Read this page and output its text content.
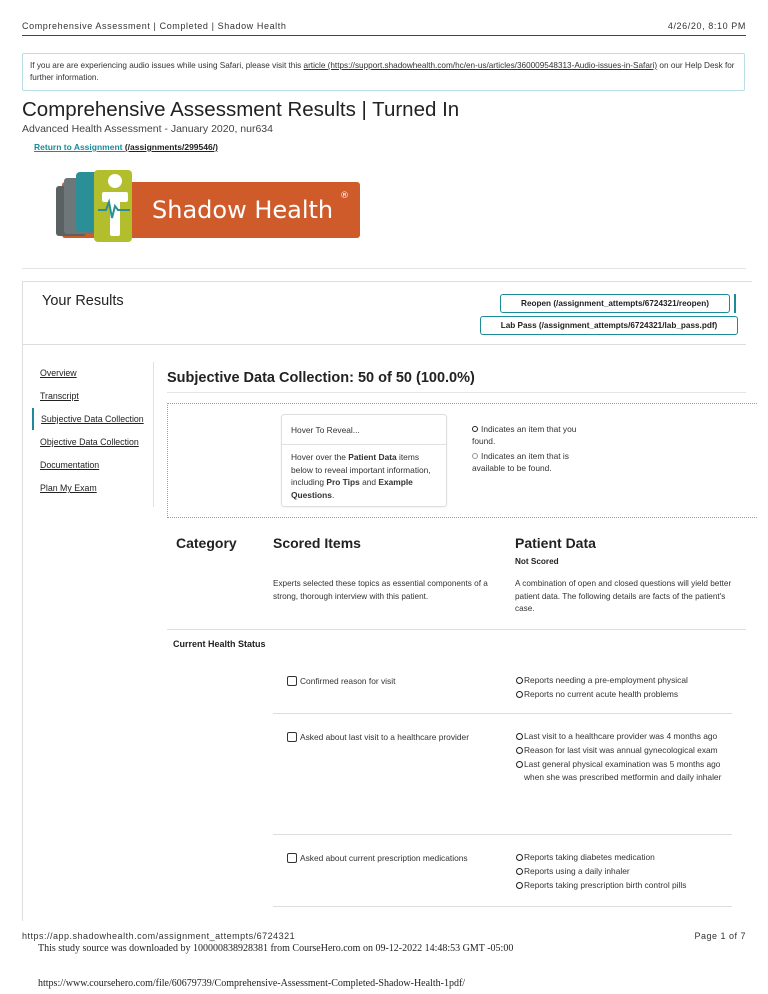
Comprehensive Assessment | Completed | Shadow Health	4/26/20, 8:10 PM
If you are are experiencing audio issues while using Safari, please visit this article (https://support.shadowhealth.com/hc/en-us/articles/360009548313-Audio-issues-in-Safari) on our Help Desk for further information.
Comprehensive Assessment Results | Turned In
Advanced Health Assessment - January 2020, nur634
Return to Assignment (/assignments/299546/)
Shadow Health ®
Your Results	Reopen (/assignment_attempts/6724321/reopen)
Lab Pass (/assignment_attempts/6724321/lab_pass.pdf)
Overview
Transcript
Subjective Data Collection
Objective Data Collection
Documentation
Plan My Exam
Subjective Data Collection: 50 of 50 (100.0%)
Hover To Reveal...
Hover over the Patient Data items below to reveal important information, including Pro Tips and Example Questions.
Indicates an item that you found.
Indicates an item that is available to be found.
Category	Scored Items	Patient Data
Not Scored
Experts selected these topics as essential components of a strong, thorough interview with this patient.
A combination of open and closed questions will yield better patient data. The following details are facts of the patient's case.
Current Health Status
Confirmed reason for visit	Reports needing a pre-employment physical
Reports no current acute health problems
Asked about last visit to a healthcare provider	Last visit to a healthcare provider was 4 months ago
Reason for last visit was annual gynecological exam
Last general physical examination was 5 months ago when she was prescribed metformin and daily inhaler
Asked about current prescription medications	Reports taking diabetes medication
Reports using a daily inhaler
Reports taking prescription birth control pills
https://app.shadowhealth.com/assignment_attempts/6724321	Page 1 of 7
This study source was downloaded by 100000838928381 from CourseHero.com on 09-12-2022 14:48:53 GMT -05:00
https://www.coursehero.com/file/60679739/Comprehensive-Assessment-Completed-Shadow-Health-1pdf/
